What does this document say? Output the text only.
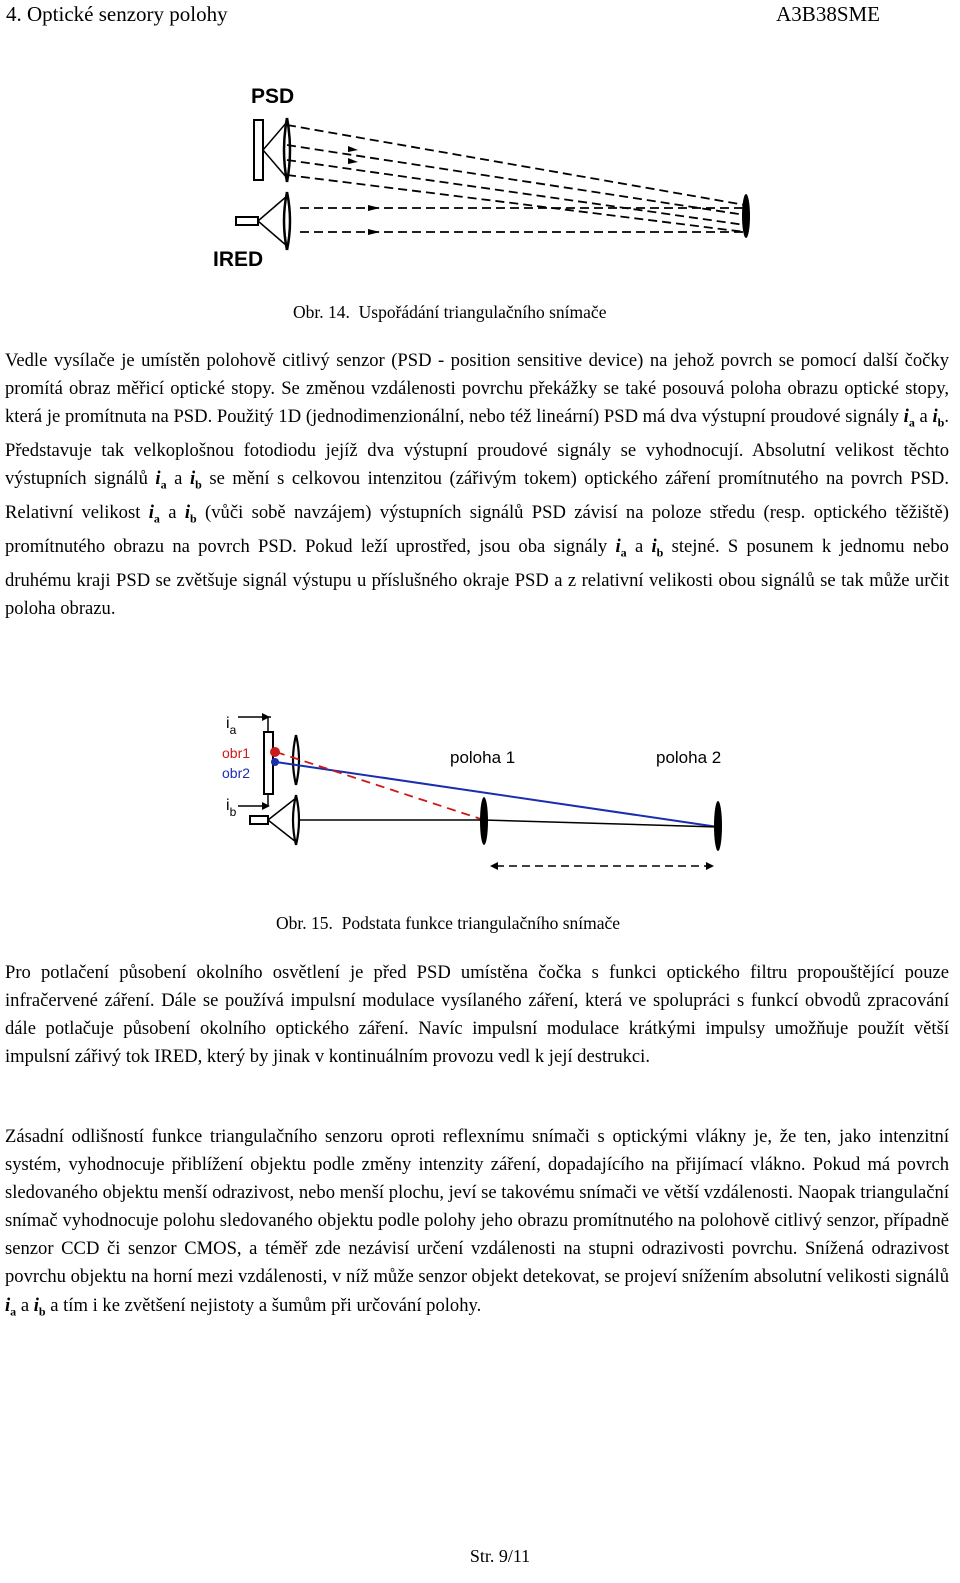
4. Optické senzory polohy	A3B38SME
PSD
IRED
Obr. 14. Uspořádání triangulačního snímače

Vedle vysílače je umístěn polohově citlivý senzor (PSD - position sensitive device) na jehož povrch se pomocí další čočky promítá obraz měřicí optické stopy. Se změnou vzdálenosti povrchu překážky se také posouvá poloha obrazu optické stopy, která je promítnuta na PSD. Použitý 1D (jednodimenzionální, nebo též lineární) PSD má dva výstupní proudové signály $i_a$ a $i_b$. Představuje tak velkoplošnou fotodiodu jejíž dva výstupní proudové signály se vyhodnocují. Absolutní velikost těchto výstupních signálů $i_a$ a $i_b$ se mění s celkovou intenzitou (zářivým tokem) optického záření promítnutého na povrch PSD. Relativní velikost $i_a$ a $i_b$ (vůči sobě navzájem) výstupních signálů PSD závisí na poloze středu (resp. optického těžiště) promítnutého obrazu na povrch PSD. Pokud leží uprostřed, jsou oba signály $i_a$ a $i_b$ stejné. S posunem k jednomu nebo druhému kraji PSD se zvětšuje signál výstupu u příslušného okraje PSD a z relativní velikosti obou signálů se tak může určit poloha obrazu.

$i_a$
$i_b$
obr1
obr2
poloha 1	poloha 2
Obr. 15. Podstata funkce triangulačního snímače

Pro potlačení působení okolního osvětlení je před PSD umístěna čočka s funkci optického filtru propouštějící pouze infračervené záření. Dále se používá impulsní modulace vysílaného záření, která ve spolupráci s funkcí obvodů zpracování dále potlačuje působení okolního optického záření. Navíc impulsní modulace krátkými impulsy umožňuje použít větší impulsní zářivý tok IRED, který by jinak v kontinuálním provozu vedl k její destrukci.

Zásadní odlišností funkce triangulačního senzoru oproti reflexnímu snímači s optickými vlákny je, že ten, jako intenzitní systém, vyhodnocuje přiblížení objektu podle změny intenzity záření, dopadajícího na přijímací vlákno. Pokud má povrch sledovaného objektu menší odrazivost, nebo menší plochu, jeví se takovému snímači ve větší vzdálenosti. Naopak triangulační snímač vyhodnocuje polohu sledovaného objektu podle polohy jeho obrazu promítnutého na polohově citlivý senzor, případně senzor CCD či senzor CMOS, a téměř zde nezávisí určení vzdálenosti na stupni odrazivosti povrchu. Snížená odrazivost povrchu objektu na horní mezi vzdálenosti, v níž může senzor objekt detekovat, se projeví snížením absolutní velikosti signálů $i_a$ a $i_b$ a tím i ke zvětšení nejistoty a šumům při určování polohy.

Str. 9/11
